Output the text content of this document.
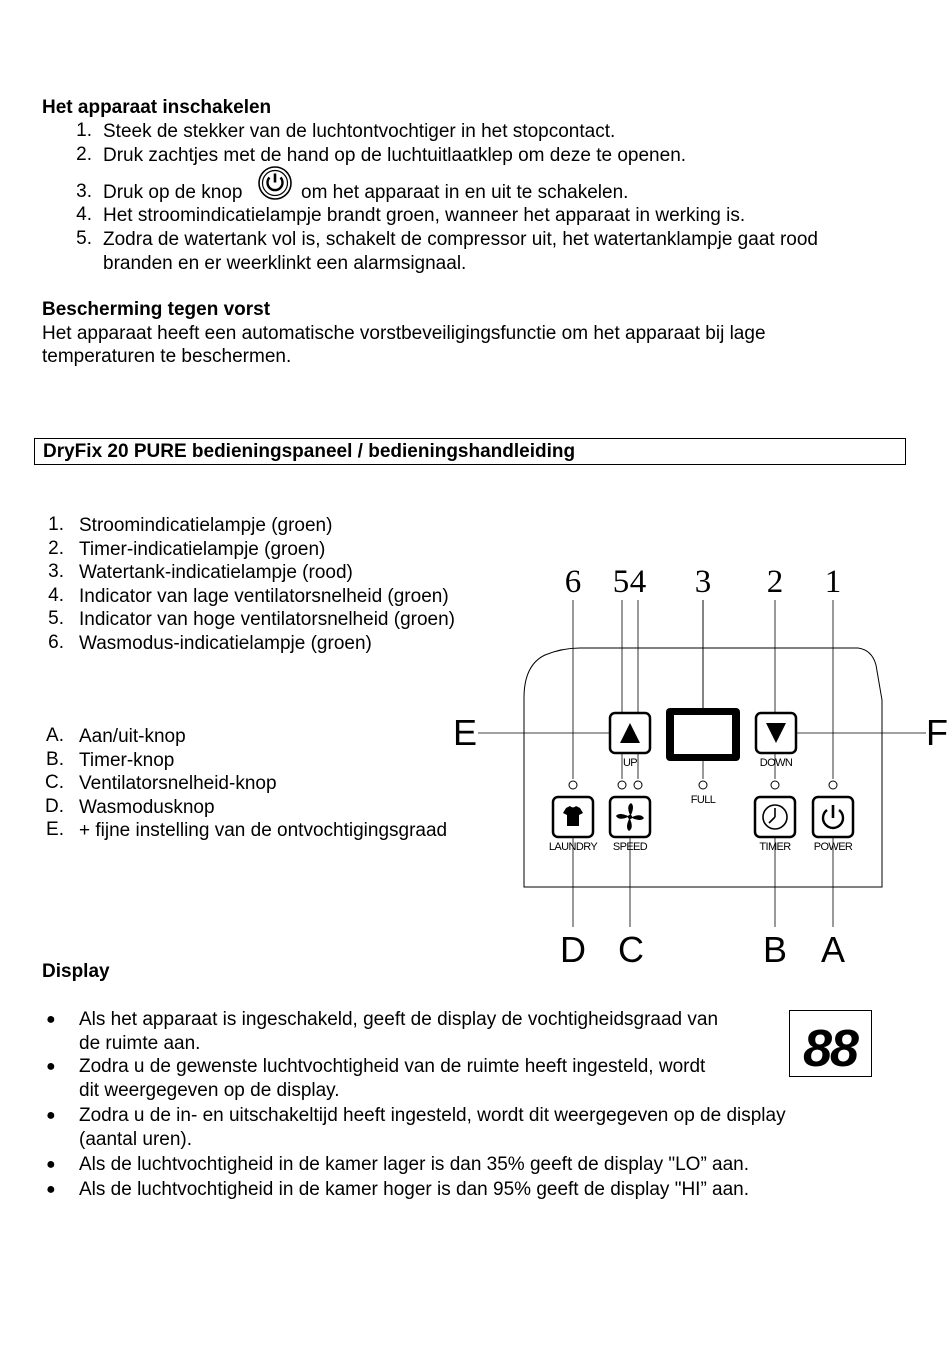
Het apparaat inschakelen
1. Steek de stekker van de luchtontvochtiger in het stopcontact.
2. Druk zachtjes met de hand op de luchtuitlaatklep om deze te openen.
3. Druk op de knop	om het apparaat in en uit te schakelen.
4. Het stroomindicatielampje brandt groen, wanneer het apparaat in werking is.
5. Zodra de watertank vol is, schakelt de compressor uit, het watertanklampje gaat rood
branden en er weerklinkt een alarmsignaal.
Bescherming tegen vorst
Het apparaat heeft een automatische vorstbeveiligingsfunctie om het apparaat bij lage
temperaturen te beschermen.
DryFix 20 PURE bedieningspaneel / bedieningshandleiding
1. Stroomindicatielampje (groen)
2. Timer-indicatielampje (groen)
3. Watertank-indicatielampje (rood)
4. Indicator van lage ventilatorsnelheid (groen)
5. Indicator van hoge ventilatorsnelheid (groen)
6. Wasmodus-indicatielampje (groen)
A. Aan/uit-knop
B. Timer-knop
C. Ventilatorsnelheid-knop
D. Wasmodusknop
E. + fijne instelling van de ontvochtigingsgraad
6 5 4 3 2 1
E	F
UP	DOWN
FULL
LAUNDRY SPEED	TIMER POWER
D C	B A
Display
88
● Als het apparaat is ingeschakeld, geeft de display de vochtigheidsgraad van
de ruimte aan.
● Zodra u de gewenste luchtvochtigheid van de ruimte heeft ingesteld, wordt
dit weergegeven op de display.
● Zodra u de in- en uitschakeltijd heeft ingesteld, wordt dit weergegeven op de display
(aantal uren).
● Als de luchtvochtigheid in de kamer lager is dan 35% geeft de display "LO” aan.
● Als de luchtvochtigheid in de kamer hoger is dan 95% geeft de display "HI” aan.
